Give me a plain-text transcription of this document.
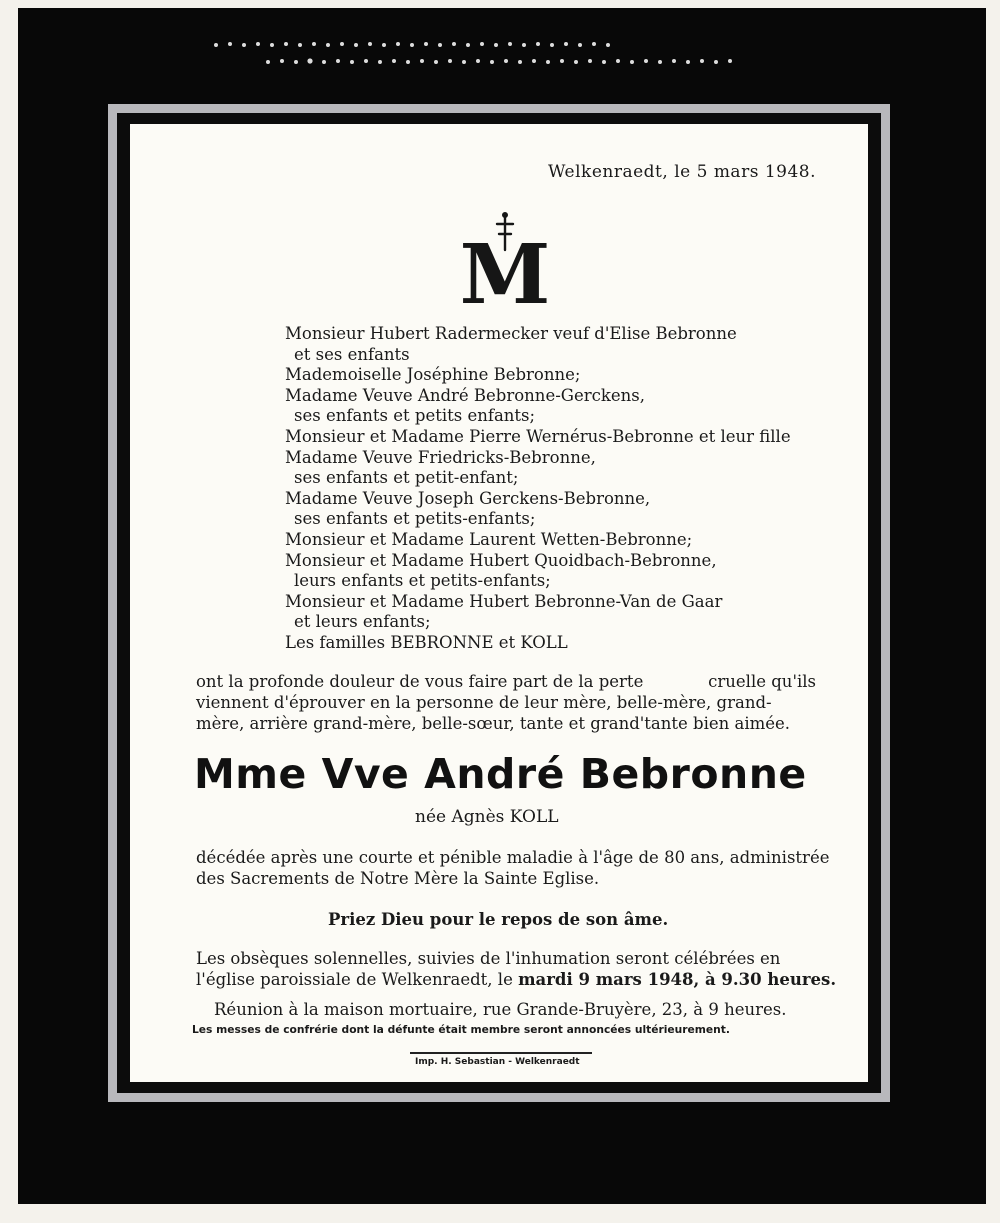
Welkenraedt, le 5 mars 1948.
M
Monsieur Hubert Radermecker veuf d'Elise Bebronne
et ses enfants
Mademoiselle Joséphine Bebronne;
Madame Veuve André Bebronne-Gerckens,
ses enfants et petits enfants;
Monsieur et Madame Pierre Wernérus-Bebronne et leur fille
Madame Veuve Friedricks-Bebronne,
ses enfants et petit-enfant;
Madame Veuve Joseph Gerckens-Bebronne,
ses enfants et petits-enfants;
Monsieur et Madame Laurent Wetten-Bebronne;
Monsieur et Madame Hubert Quoidbach-Bebronne,
leurs enfants et petits-enfants;
Monsieur et Madame Hubert Bebronne-Van de Gaar
et leurs enfants;
Les familles BEBRONNE et KOLL

ont la profonde douleur de vous faire part de la perte	cruelle qu'ils

viennent d'éprouver en la personne de leur mère, belle-mère, grand-

mère, arrière grand-mère, belle-sœur, tante et grand'tante bien aimée.

Mme Vve André Bebronne
née Agnès KOLL

décédée après une courte et pénible maladie à l'âge de 80 ans, administrée

des Sacrements de Notre Mère la Sainte Eglise.

Priez Dieu pour le repos de son âme.

Les obsèques solennelles, suivies de l'inhumation seront célébrées en

l'église paroissiale de Welkenraedt, le mardi 9 mars 1948, à 9.30 heures.

Réunion à la maison mortuaire, rue Grande-Bruyère, 23, à 9 heures.
Les messes de confrérie dont la défunte était membre seront annoncées ultérieurement.
Imp. H. Sebastian - Welkenraedt
